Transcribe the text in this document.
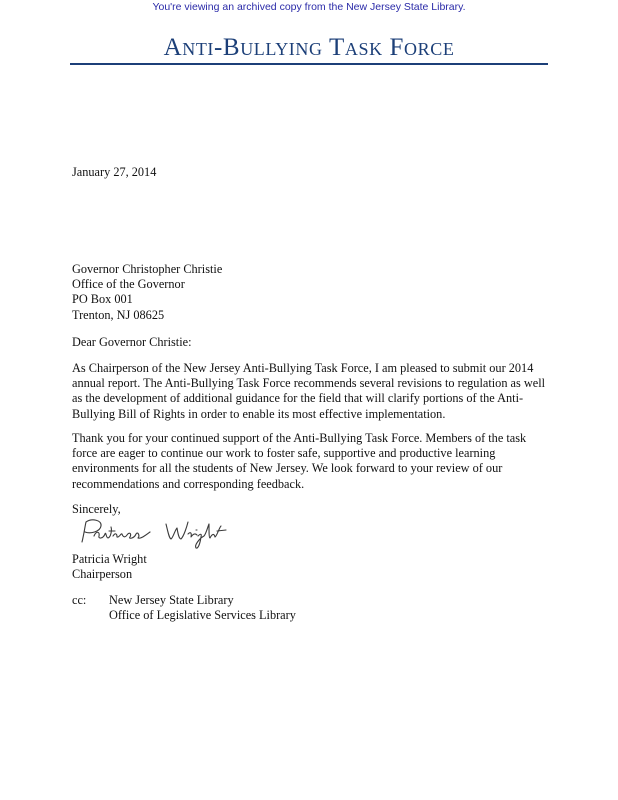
You're viewing an archived copy from the New Jersey State Library.
Anti-Bullying Task Force
January 27, 2014
Governor Christopher Christie
Office of the Governor
PO Box 001
Trenton, NJ 08625
Dear Governor Christie:
As Chairperson of the New Jersey Anti-Bullying Task Force, I am pleased to submit our 2014 annual report. The Anti-Bullying Task Force recommends several revisions to regulation as well as the development of additional guidance for the field that will clarify portions of the Anti-Bullying Bill of Rights in order to enable its most effective implementation.
Thank you for your continued support of the Anti-Bullying Task Force. Members of the task force are eager to continue our work to foster safe, supportive and productive learning environments for all the students of New Jersey. We look forward to your review of our recommendations and corresponding feedback.
Sincerely,
Patricia Wright
Chairperson
cc: New Jersey State Library
Office of Legislative Services Library
